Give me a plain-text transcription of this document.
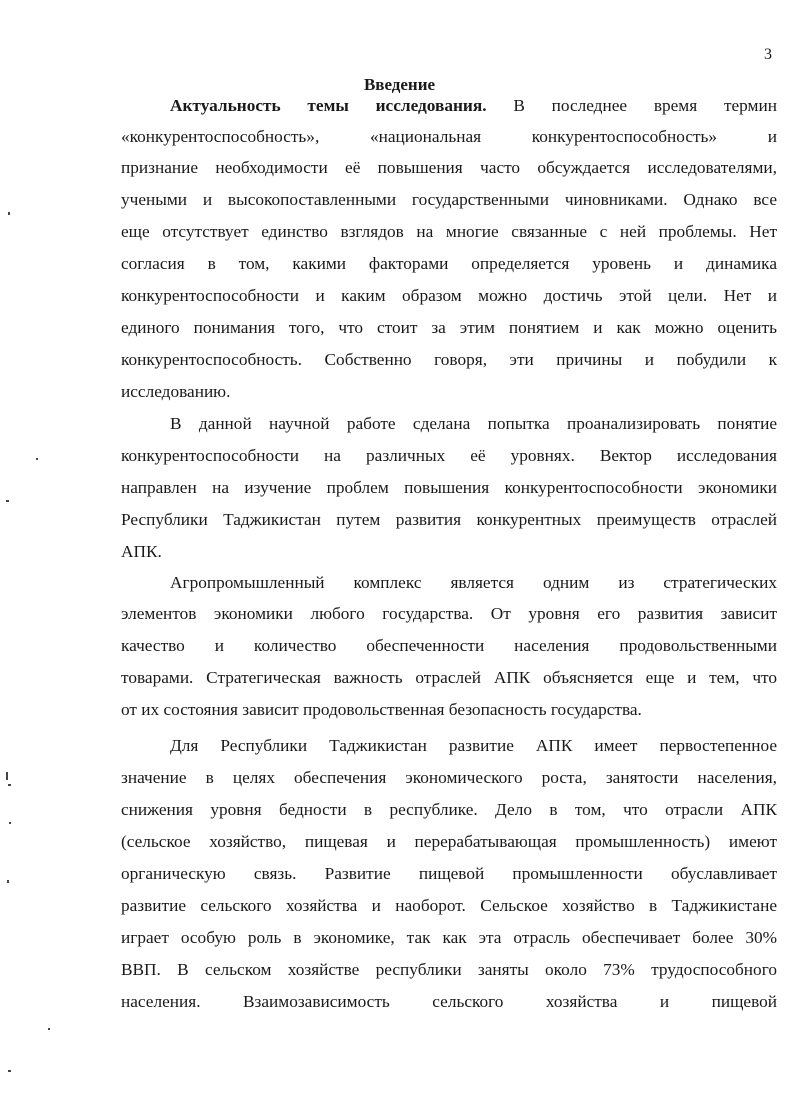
3
Введение
Актуальность темы исследования. В последнее время термин
«конкурентоспособность», «национальная конкурентоспособность» и
признание необходимости её повышения часто обсуждается исследователями,
учеными и высокопоставленными государственными чиновниками. Однако все
еще отсутствует единство взглядов на многие связанные с ней проблемы. Нет
согласия в том, какими факторами определяется уровень и динамика
конкурентоспособности и каким образом можно достичь этой цели. Нет и
единого понимания того, что стоит за этим понятием и как можно оценить
конкурентоспособность. Собственно говоря, эти причины и побудили к
исследованию.
В данной научной работе сделана попытка проанализировать понятие
конкурентоспособности на различных её уровнях. Вектор исследования
направлен на изучение проблем повышения конкурентоспособности экономики
Республики Таджикистан путем развития конкурентных преимуществ отраслей
АПК.
Агропромышленный комплекс является одним из стратегических
элементов экономики любого государства. От уровня его развития зависит
качество и количество обеспеченности населения продовольственными
товарами. Стратегическая важность отраслей АПК объясняется еще и тем, что
от их состояния зависит продовольственная безопасность государства.
Для Республики Таджикистан развитие АПК имеет первостепенное
значение в целях обеспечения экономического роста, занятости населения,
снижения уровня бедности в республике. Дело в том, что отрасли АПК
(сельское хозяйство, пищевая и перерабатывающая промышленность) имеют
органическую связь. Развитие пищевой промышленности обуславливает
развитие сельского хозяйства и наоборот. Сельское хозяйство в Таджикистане
играет особую роль в экономике, так как эта отрасль обеспечивает более 30%
ВВП. В сельском хозяйстве республики заняты около 73% трудоспособного
населения. Взаимозависимость сельского хозяйства и пищевой
